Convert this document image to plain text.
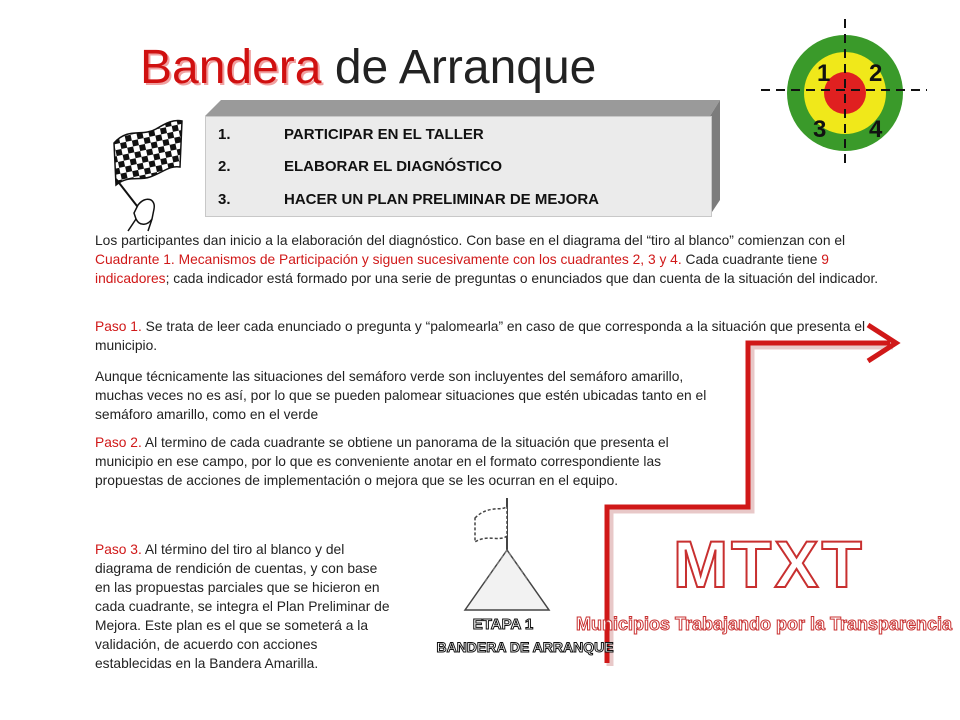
Bandera de Arranque	1 2
3 4
1.	PARTICIPAR EN EL TALLER
2.	ELABORAR EL DIAGNÓSTICO
3.	HACER UN PLAN PRELIMINAR DE MEJORA
Los participantes dan inicio a la elaboración del diagnóstico. Con base en el diagrama del “tiro al blanco” comienzan con el Cuadrante 1. Mecanismos de Participación y siguen sucesivamente con los cuadrantes 2, 3 y 4. Cada cuadrante tiene 9 indicadores; cada indicador está formado por una serie de preguntas o enunciados que dan cuenta de la situación del indicador.
Paso 1. Se trata de leer cada enunciado o pregunta y “palomearla” en caso de que corresponda a la situación que presenta el municipio.
Aunque técnicamente las situaciones del semáforo verde son incluyentes del semáforo amarillo, muchas veces no es así, por lo que se pueden palomear situaciones que estén ubicadas tanto en el semáforo amarillo, como en el verde
Paso 2. Al termino de cada cuadrante se obtiene un panorama de la situación que presenta el municipio en ese campo, por lo que es conveniente anotar en el formato correspondiente las propuestas de acciones de implementación o mejora que se les ocurran en el equipo.
Paso 3. Al término del tiro al blanco y del diagrama de rendición de cuentas, y con base en las propuestas parciales que se hicieron en cada cuadrante, se integra el Plan Preliminar de Mejora. Este plan es el que se someterá a la validación, de acuerdo con acciones establecidas en la Bandera Amarilla.
ETAPA 1
BANDERA DE ARRANQUE
MTXT
Municipios Trabajando por la Transparencia
